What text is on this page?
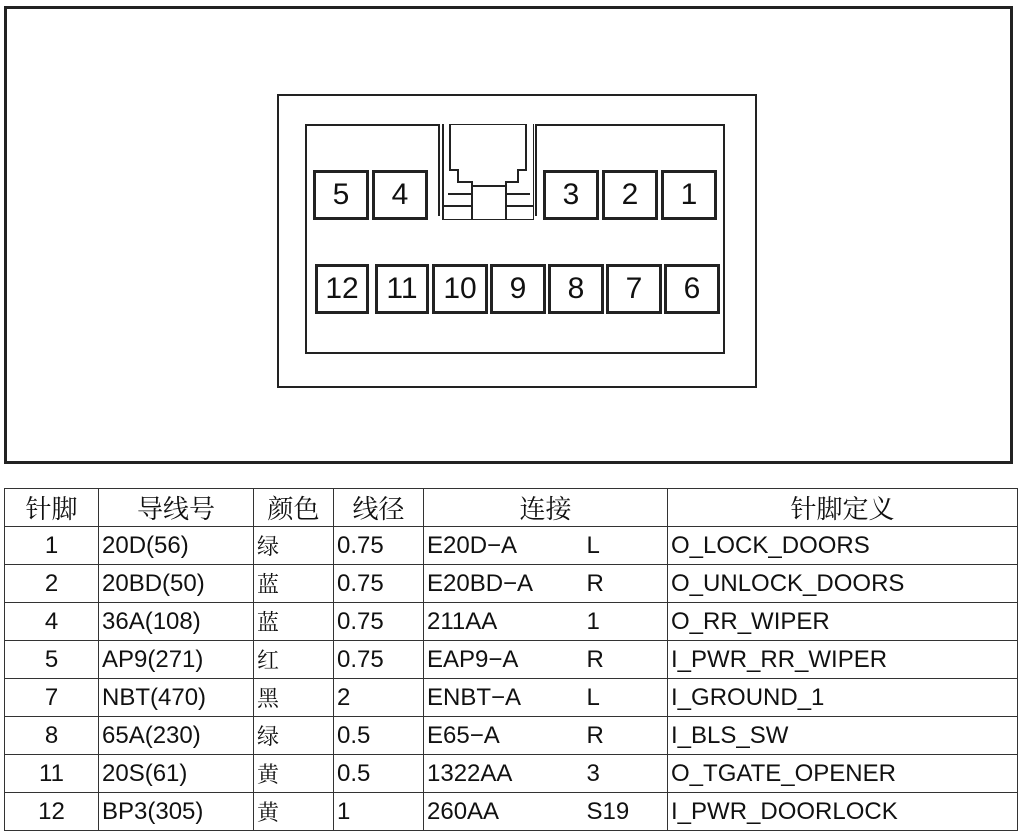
5	4	3	2	1
12 11 10	9	8	7	6
针脚	导线号	颜色	线径	连接		针脚定义
1	20D(56)	绿	0.75	E20D−A	L	O_LOCK_DOORS
2	20BD(50)	蓝	0.75	E20BD−A	R	O_UNLOCK_DOORS
4	36A(108)	蓝	0.75	211AA	1	O_RR_WIPER
5	AP9(271)	红	0.75	EAP9−A	R	I_PWR_RR_WIPER
7	NBT(470)	黑	2	ENBT−A	L	I_GROUND_1
8	65A(230)	绿	0.5	E65−A	R	I_BLS_SW
11	20S(61)	黄	0.5	1322AA	3	O_TGATE_OPENER
12	BP3(305)	黄	1	260AA	S19	I_PWR_DOORLOCK
